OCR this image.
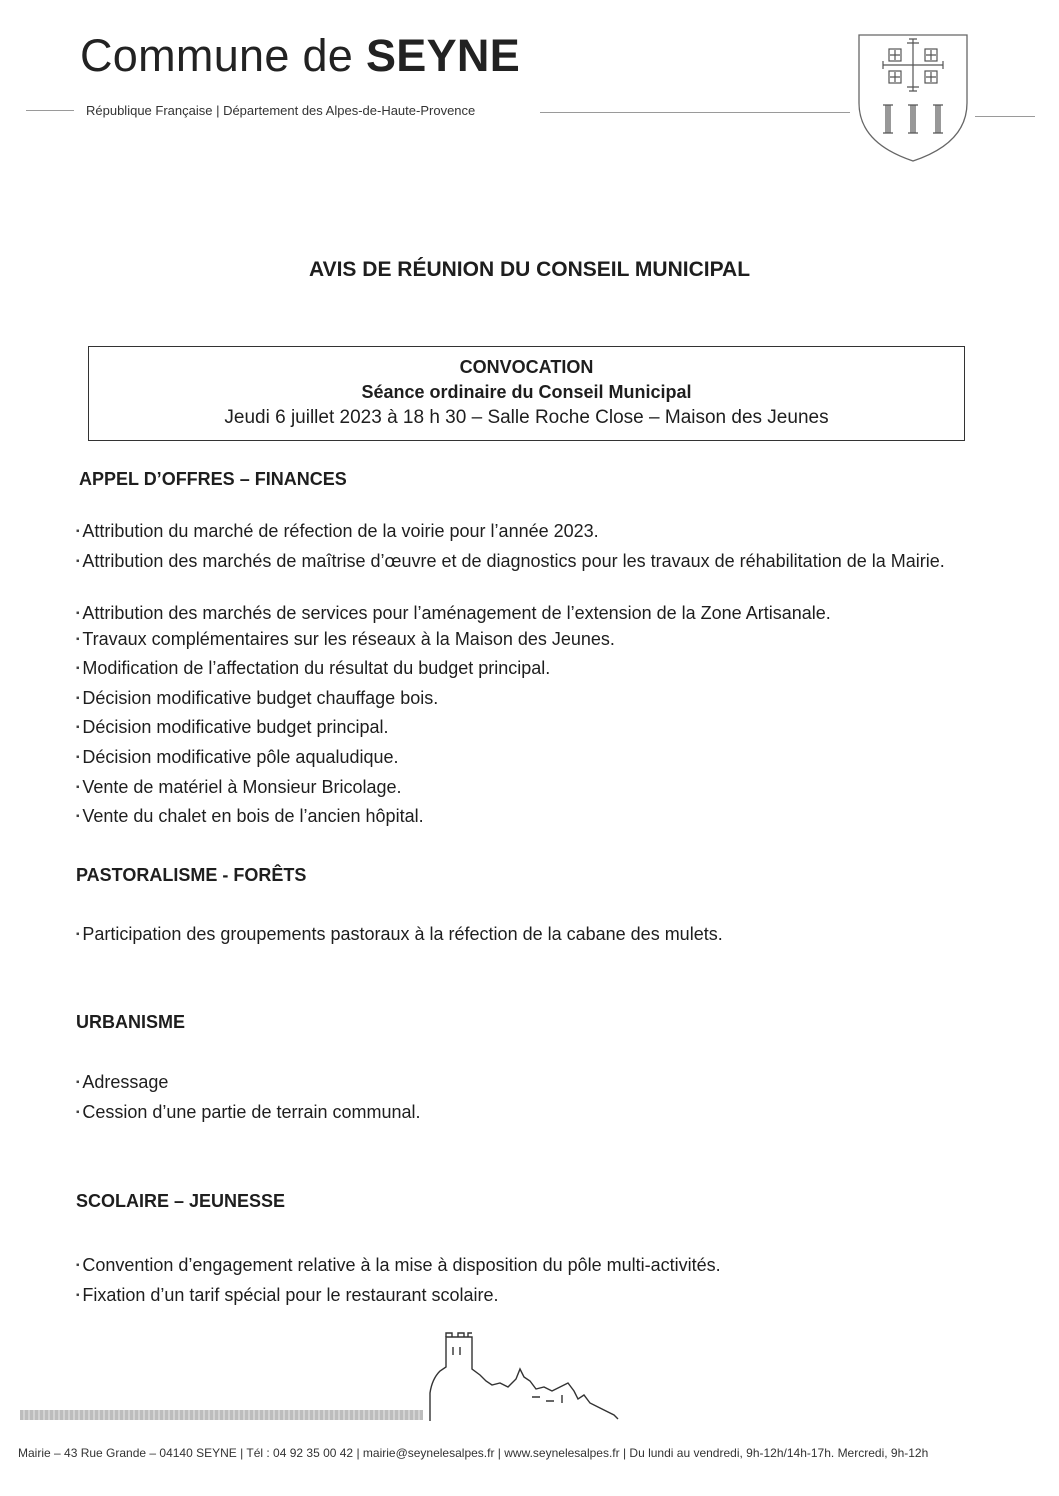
Commune de SEYNE
République Française | Département des Alpes-de-Haute-Provence
AVIS DE RÉUNION DU CONSEIL MUNICIPAL
CONVOCATION
Séance ordinaire du Conseil Municipal
Jeudi 6 juillet 2023 à 18 h 30 – Salle Roche Close – Maison des Jeunes
APPEL D’OFFRES – FINANCES
▪ Attribution du marché de réfection de la voirie pour l’année 2023.
▪ Attribution des marchés de maîtrise d’œuvre et de diagnostics pour les travaux de réhabilitation de la Mairie.
▪ Attribution des marchés de services pour l’aménagement de l’extension de la Zone Artisanale.
▪ Travaux complémentaires sur les réseaux à la Maison des Jeunes.
▪ Modification de l’affectation du résultat du budget principal.
▪ Décision modificative budget chauffage bois.
▪ Décision modificative budget principal.
▪ Décision modificative pôle aqualudique.
▪ Vente de matériel à Monsieur Bricolage.
▪ Vente du chalet en bois de l’ancien hôpital.
PASTORALISME - FORÊTS
▪ Participation des groupements pastoraux à la réfection de la cabane des mulets.
URBANISME
▪ Adressage
▪ Cession d’une partie de terrain communal.
SCOLAIRE – JEUNESSE
▪ Convention d’engagement relative à la mise à disposition du pôle multi-activités.
▪ Fixation d’un tarif spécial pour le restaurant scolaire.
Mairie – 43 Rue Grande – 04140 SEYNE | Tél : 04 92 35 00 42 | mairie@seynelesalpes.fr | www.seynelesalpes.fr | Du lundi au vendredi, 9h-12h/14h-17h. Mercredi, 9h-12h
